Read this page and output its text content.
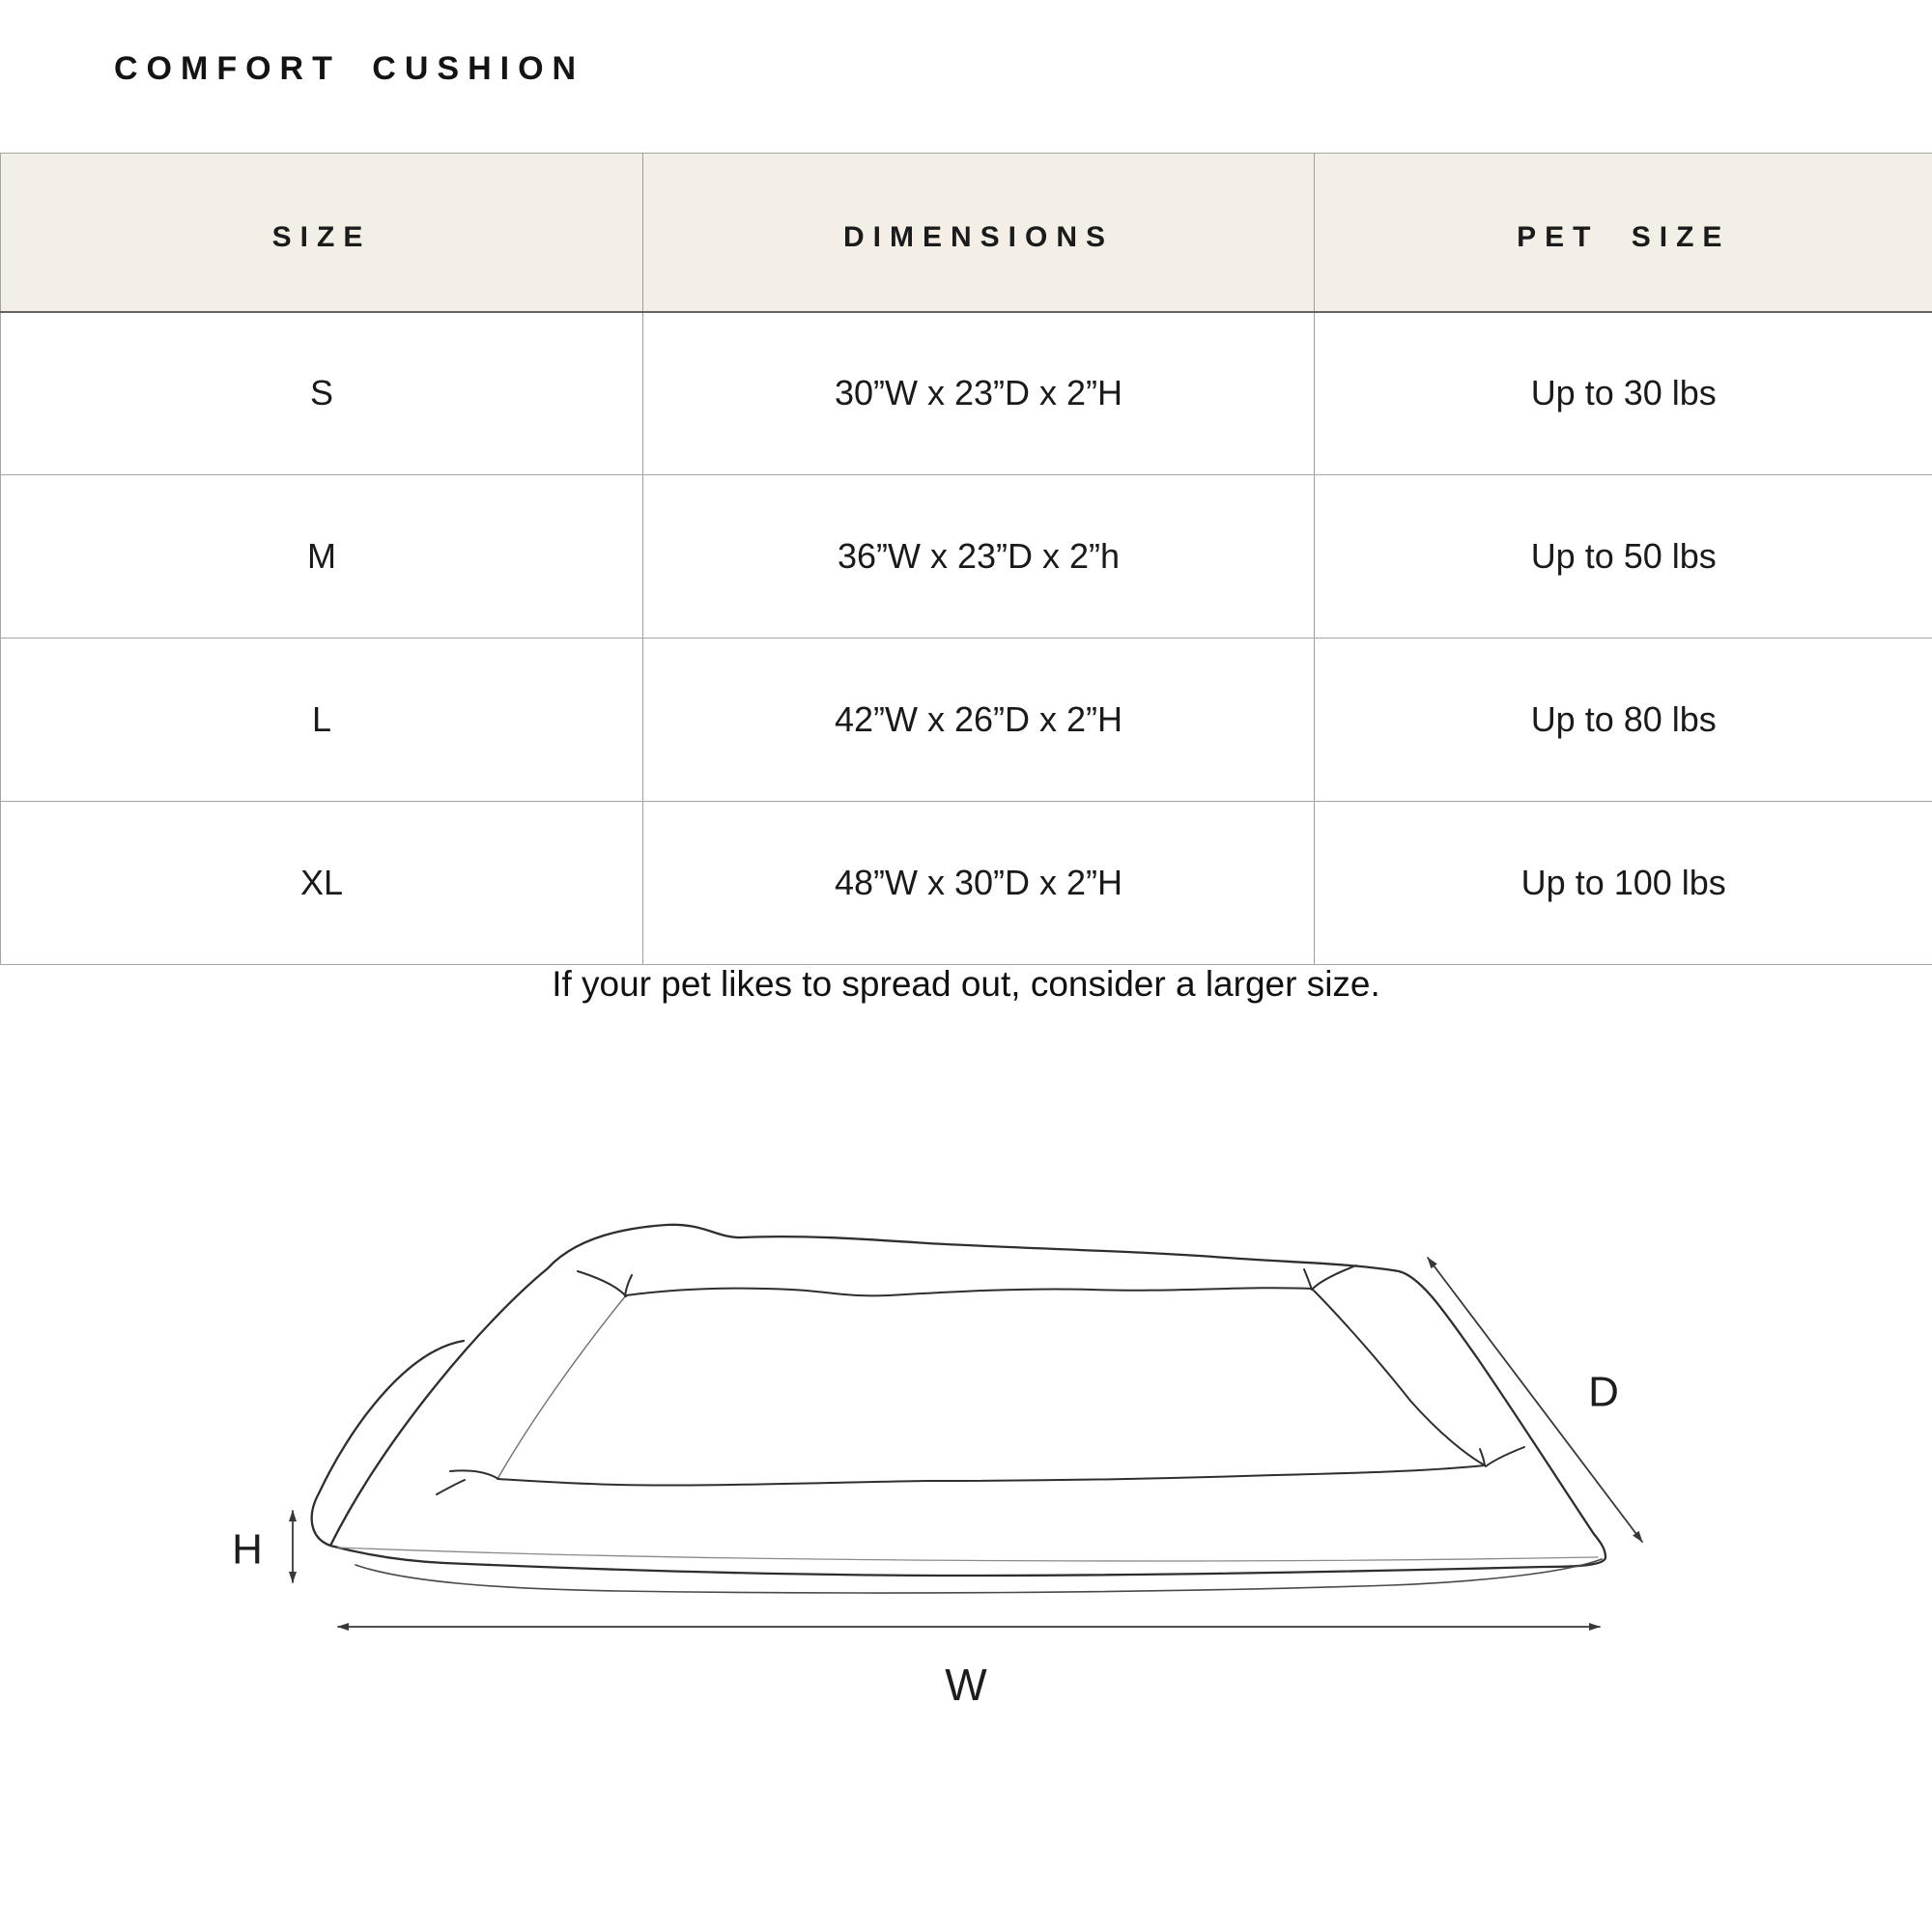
COMFORT CUSHION
SIZE	DIMENSIONS	PET SIZE
S	30”W x 23”D x 2”H	Up to 30 lbs
M	36”W x 23”D x 2”h	Up to 50 lbs
L	42”W x 26”D x 2”H	Up to 80 lbs
XL	48”W x 30”D x 2”H	Up to 100 lbs
If your pet likes to spread out, consider a larger size.
H
W
D
